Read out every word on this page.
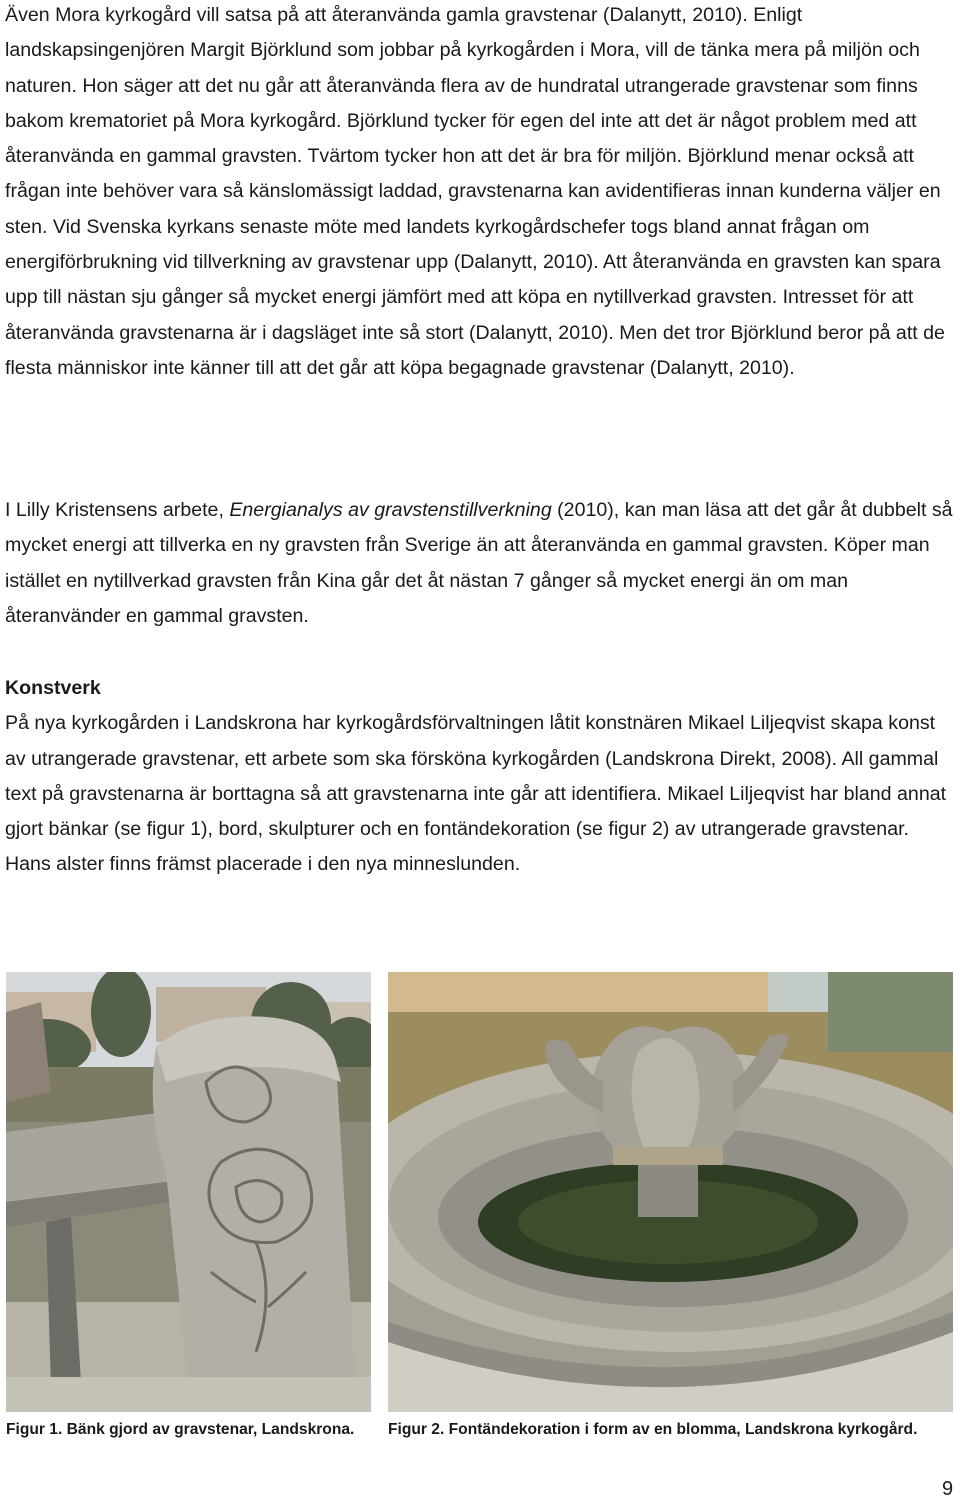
Även Mora kyrkogård vill satsa på att återanvända gamla gravstenar (Dalanytt, 2010). Enligt landskapsingenjören Margit Björklund som jobbar på kyrkogården i Mora, vill de tänka mera på miljön och naturen. Hon säger att det nu går att återanvända flera av de hundratal utrangerade gravstenar som finns bakom krematoriet på Mora kyrkogård. Björklund tycker för egen del inte att det är något problem med att återanvända en gammal gravsten. Tvärtom tycker hon att det är bra för miljön. Björklund menar också att frågan inte behöver vara så känslomässigt laddad, gravstenarna kan avidentifieras innan kunderna väljer en sten. Vid Svenska kyrkans senaste möte med landets kyrkogårdschefer togs bland annat frågan om energiförbrukning vid tillverkning av gravstenar upp (Dalanytt, 2010). Att återanvända en gravsten kan spara upp till nästan sju gånger så mycket energi jämfört med att köpa en nytillverkad gravsten. Intresset för att återanvända gravstenarna är i dagsläget inte så stort (Dalanytt, 2010). Men det tror Björklund beror på att de flesta människor inte känner till att det går att köpa begagnade gravstenar (Dalanytt, 2010).
I Lilly Kristensens arbete, Energianalys av gravstenstillverkning (2010), kan man läsa att det går åt dubbelt så mycket energi att tillverka en ny gravsten från Sverige än att återanvända en gammal gravsten. Köper man istället en nytillverkad gravsten från Kina går det åt nästan 7 gånger så mycket energi än om man återanvänder en gammal gravsten.
Konstverk
På nya kyrkogården i Landskrona har kyrkogårdsförvaltningen låtit konstnären Mikael Liljeqvist skapa konst av utrangerade gravstenar, ett arbete som ska försköna kyrkogården (Landskrona Direkt, 2008). All gammal text på gravstenarna är borttagna så att gravstenarna inte går att identifiera. Mikael Liljeqvist har bland annat gjort bänkar (se figur 1), bord, skulpturer och en fontändekoration (se figur 2) av utrangerade gravstenar. Hans alster finns främst placerade i den nya minneslunden.
Figur 1. Bänk gjord av gravstenar, Landskrona. Figur 2. Fontändekoration i form av en blomma, Landskrona kyrkogård.
9
